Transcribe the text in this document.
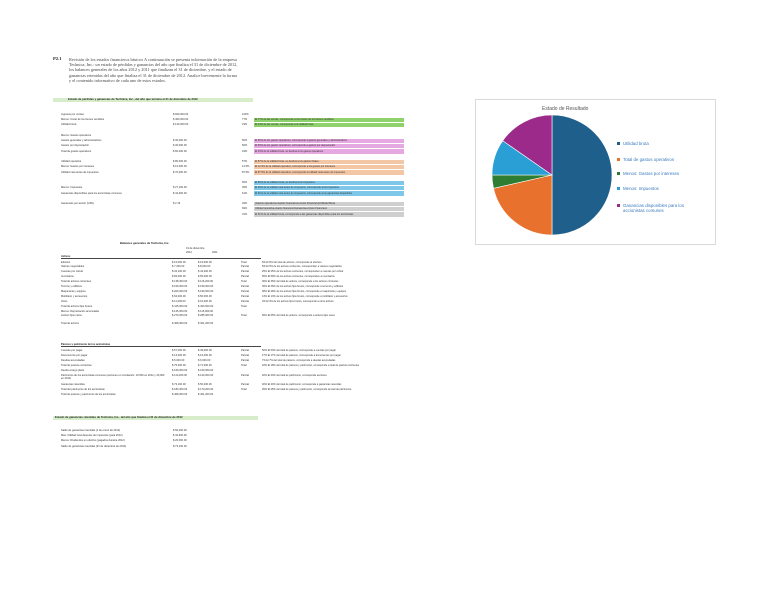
P2.1 Revisión de los estados financieros básicos A continuación se presenta información de la empresa Technica, Inc.: un estado de pérdidas y ganancias del año que finaliza el 31 de diciembre de 2012, los balances generales de los años 2012 y 2011 que finalizan el 31 de diciembre, y el estado de ganancias retenidas del año que finaliza el 31 de diciembre de 2012. Analice brevemente la forma y el contenido informativo de cada uno de estos estados.
Estado de pérdidas y ganancias de Technica, Inc., del año que termina el 31 de diciembre de 2012
Ingresos por ventas	$ 600,000.00	100%
Menos: Costo de los bienes vendidos	$ 460,000.00	77%	El 77% de las ventas, corresponde a los costos de los bienes vendidos
Utilidad bruta	$ 140,000.00	23%	El 23% de las ventas, corresponde a la utilidad bruta
Menos: Gastos operativos
Gastos generales y administrativos	$ 30,000.00	50%	El 50% de los gastos operativos, corresponde a gastos generales y administrativos
Gastos por depreciación	$ 30,000.00	50%	El 50% de los gastos operativos, corresponde a gastos por depreciación
Total de gastos operativos	$ 60,000.00	43%	El 43% de la utilidad bruta, se destina a los gastos operativos
Utilidad operativa	$ 80,000.00	57%	El 57% de la utilidad bruta, se destina a los gastos finales
Menos: Gastos por intereses	$ 10,000.00	12.5% El 12.5% de la utilidad operativa, corresponde a los gastos por intereses
Utilidad neta antes de impuestos	$ 70,000.00	87.5% El 87.5% de la utilidad operativa, corresponde la utilidad neta antes de impuestos
50%	El 50% de la utilidad bruta, se destina a los impuestos
Menos: Impuestos	$ 27,100.00	39%	El 39% de la utilidad neta antes de impuestos, corresponde a los impuestos
Ganancias disponibles para los accionistas comunes	$ 42,900.00	61%	El 61% de la utilidad neta antes de impuestos, corresponde a las ganancias disponibles
Ganancias por acción (GPA)	$ 2.15	49%	(Gastos operativos+Gastos financieros+Costo Financiero)/Utilidad Bruta
69%	Utilidad operativa+Gasto financiero/Ganancias+Costo Financiero
31%	El 31% de la utilidad bruta, corresponde a las ganancias disponibles para los accionistas
Balances generales de Technica, Inc.
31 de diciembre
2012	2011
Activos
Efectivo	$ 15,000.00	$ 16,000.00	Total	6% El 6% del total de activos, corresponde al efectivo
Valores negociables	$ 7,200.00	$ 8,000.00	Parcial	5% El 5% de los activos corrientes, corresponden a valores negociables
Cuentas por cobrar	$ 34,100.00	$ 42,200.00	Parcial	25% El 25% de los activos corrientes, corresponden a cuentas por cobrar
Inventarios	$ 82,000.00	$ 50,000.00	Parcial	59% El 59% de los activos corrientes, corresponden a inventarios
Total de activos corrientes	$ 138,300.00	$ 116,200.00	Total	36% El 36% del total de activos, corresponde a los activos corrientes
Terreno y edificios	$ 150,000.00	$ 150,000.00	Parcial	36% El 36% de los activos fijos brutos, corresponde a terrenos y edificios
Maquinaria y equipos	$ 200,000.00	$ 190,000.00	Parcial	48% El 48% de los activos fijos brutos, corresponde a maquinaria y equipos
Mobiliario y accesorios	$ 54,000.00	$ 50,000.00	Parcial	13% El 13% de los activos fijos brutos, corresponde a mobiliario y accesorios
Otros	$ 11,000.00	$ 10,000.00	Parcial	3% El 3% de los activos fijos brutos, corresponde a otros activos
Total de activos fijos brutos	$ 415,000.00	$ 400,000.00	Total
Menos: Depreciación acumulada	$ 145,000.00	$ 115,000.00
Activos fijos netos	$ 270,000.00	$ 285,000.00	Total	66% El 66% del total de activos, corresponde a activos fijos netos
Total de activos	$ 408,300.00	$ 401,200.00
Pasivos y patrimonio de los accionistas
Cuentas por pagar	$ 57,000.00	$ 49,000.00	Parcial	50% El 50% del total de pasivos, corresponde a cuentas por pagar
Documentos por pagar	$ 13,000.00	$ 16,000.00	Parcial	17% El 17% del total de pasivos, corresponde a documentos por pagar
Deudas acumuladas	$ 5,000.00	$ 6,000.00	Parcial	7% El 7% del total de pasivos, corresponde a deudas acumuladas
Total de pasivos corrientes	$ 75,000.00	$ 71,000.00	Total	18% El 18% del total de pasivos y patrimonio, corresponde a total de pasivos corrientes
Deuda a largo plazo	$ 150,000.00	$ 160,000.00
Patrimonio de los accionistas comunes (acciones en circulación: 19,500 en 2012 y 20,000 en 2011)
$ 110,200.00	$ 120,000.00	Parcial	40% El 40% del total de patrimonio, corresponde acciones
Ganancias retenidas	$ 73,100.00	$ 50,200.00	Parcial	40% El 40% del total de patrimonio, corresponde a ganancias retenidas
Total del patrimonio de los accionistas	$ 183,300.00	$ 170,200.00	Total	45% El 45% del total de pasivos y patrimonio, corresponde al total de patrimonio
Total de pasivos y patrimonio de los accionistas	$ 408,300.00	$ 401,200.00
Estado de ganancias retenidas de Technica, Inc., del año que finaliza el 31 de diciembre de 2012
Saldo de ganancias retenidas (1 de enero de 2012)	$ 50,200.00
Más: Utilidad neta después de impuestos (para 2012)	$ 42,900.00
Menos: Dividendos en efectivo (pagados durante 2012)	$ 20,000.00
Saldo de ganancias retenidas (31 de diciembre de 2012)	$ 73,100.00
Estado de Resultado
Utilidad bruta
Total de gastos operativos
Menos: Gastos por intereses
Menos: Impuestos
Ganancias disponibles para los accionistas comunes
